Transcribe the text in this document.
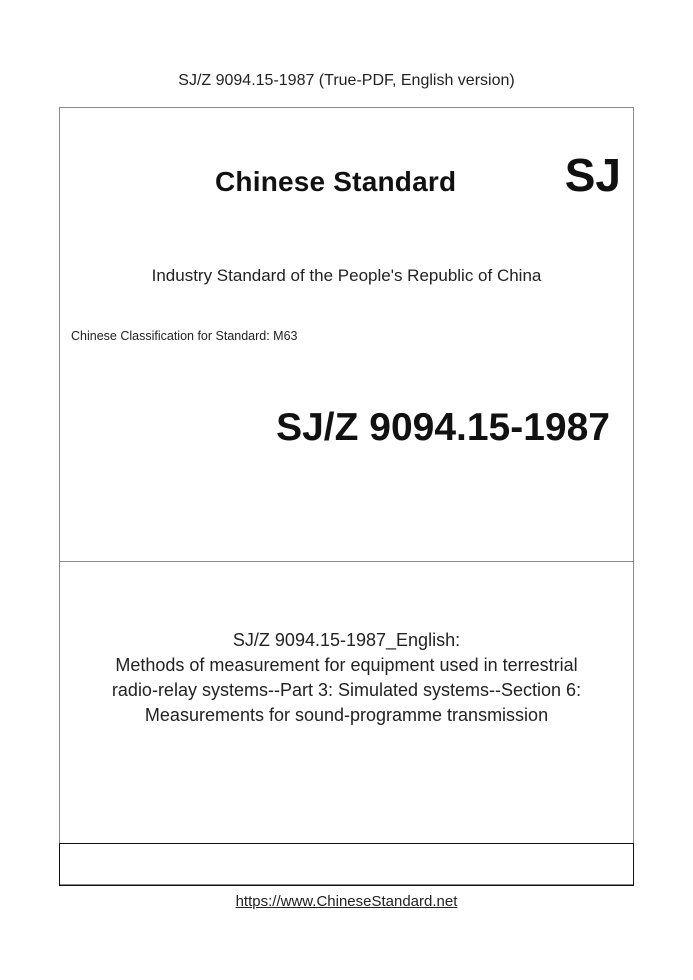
SJ/Z 9094.15-1987 (True-PDF, English version)
Chinese Standard SJ
Industry Standard of the People's Republic of China
Chinese Classification for Standard: M63
SJ/Z 9094.15-1987
SJ/Z 9094.15-1987_English:
Methods of measurement for equipment used in terrestrial
radio-relay systems--Part 3: Simulated systems--Section 6:
Measurements for sound-programme transmission
https://www.ChineseStandard.net
